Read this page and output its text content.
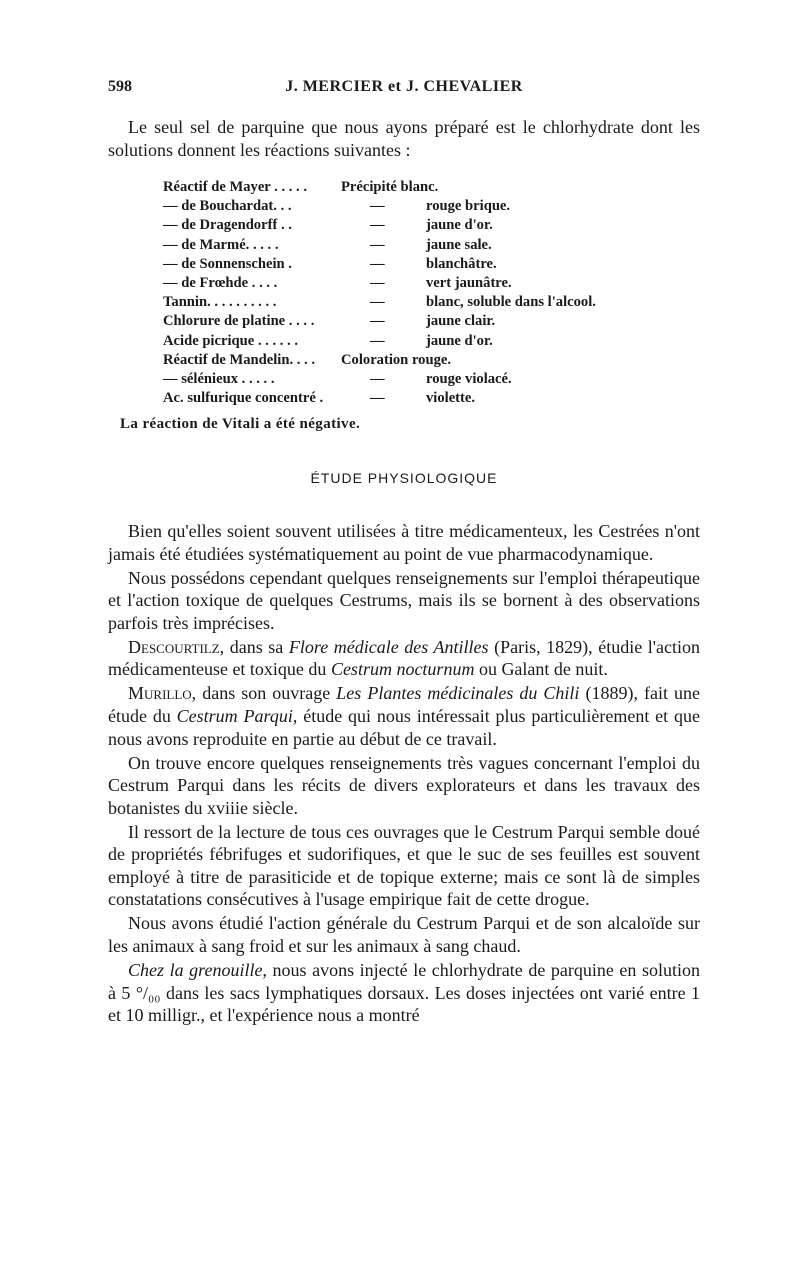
598	J. MERCIER et J. CHEVALIER

Le seul sel de parquine que nous ayons préparé est le chlorhydrate dont les solutions donnent les réactions suivantes :

Réactif de Mayer . . . . . Précipité blanc.
— de Bouchardat. . .	—	rouge brique.
— de Dragendorff . .	—	jaune d'or.
— de Marmé. . . . .	—	jaune sale.
— de Sonnenschein .	—	blanchâtre.
— de Frœhde . . . .	—	vert jaunâtre.
Tannin. . . . . . . . . .	—	blanc, soluble dans l'alcool.
Chlorure de platine . . . .	—	jaune clair.
Acide picrique . . . . . .	—	jaune d'or.
Réactif de Mandelin. . . . Coloration rouge.
— sélénieux . . . . .	—	rouge violacé.
Ac. sulfurique concentré .	—	violette.
La réaction de Vitali a été négative.
ÉTUDE PHYSIOLOGIQUE

Bien qu'elles soient souvent utilisées à titre médicamenteux, les Cestrées n'ont jamais été étudiées systématiquement au point de vue pharmacodynamique.

Nous possédons cependant quelques renseignements sur l'emploi thérapeutique et l'action toxique de quelques Cestrums, mais ils se bornent à des observations parfois très imprécises.

Descourtilz, dans sa Flore médicale des Antilles (Paris, 1829), étudie l'action médicamenteuse et toxique du Cestrum nocturnum ou Galant de nuit.

Murillo, dans son ouvrage Les Plantes médicinales du Chili (1889), fait une étude du Cestrum Parqui, étude qui nous intéressait plus particulièrement et que nous avons reproduite en partie au début de ce travail.

On trouve encore quelques renseignements très vagues concernant l'emploi du Cestrum Parqui dans les récits de divers explorateurs et dans les travaux des botanistes du xviiie siècle.

Il ressort de la lecture de tous ces ouvrages que le Cestrum Parqui semble doué de propriétés fébrifuges et sudorifiques, et que le suc de ses feuilles est souvent employé à titre de parasiticide et de topique externe; mais ce sont là de simples constatations consécutives à l'usage empirique fait de cette drogue.

Nous avons étudié l'action générale du Cestrum Parqui et de son alcaloïde sur les animaux à sang froid et sur les animaux à sang chaud.

Chez la grenouille, nous avons injecté le chlorhydrate de parquine en solution à 5 °/₀₀ dans les sacs lymphatiques dorsaux. Les doses injectées ont varié entre 1 et 10 milligr., et l'expérience nous a montré
